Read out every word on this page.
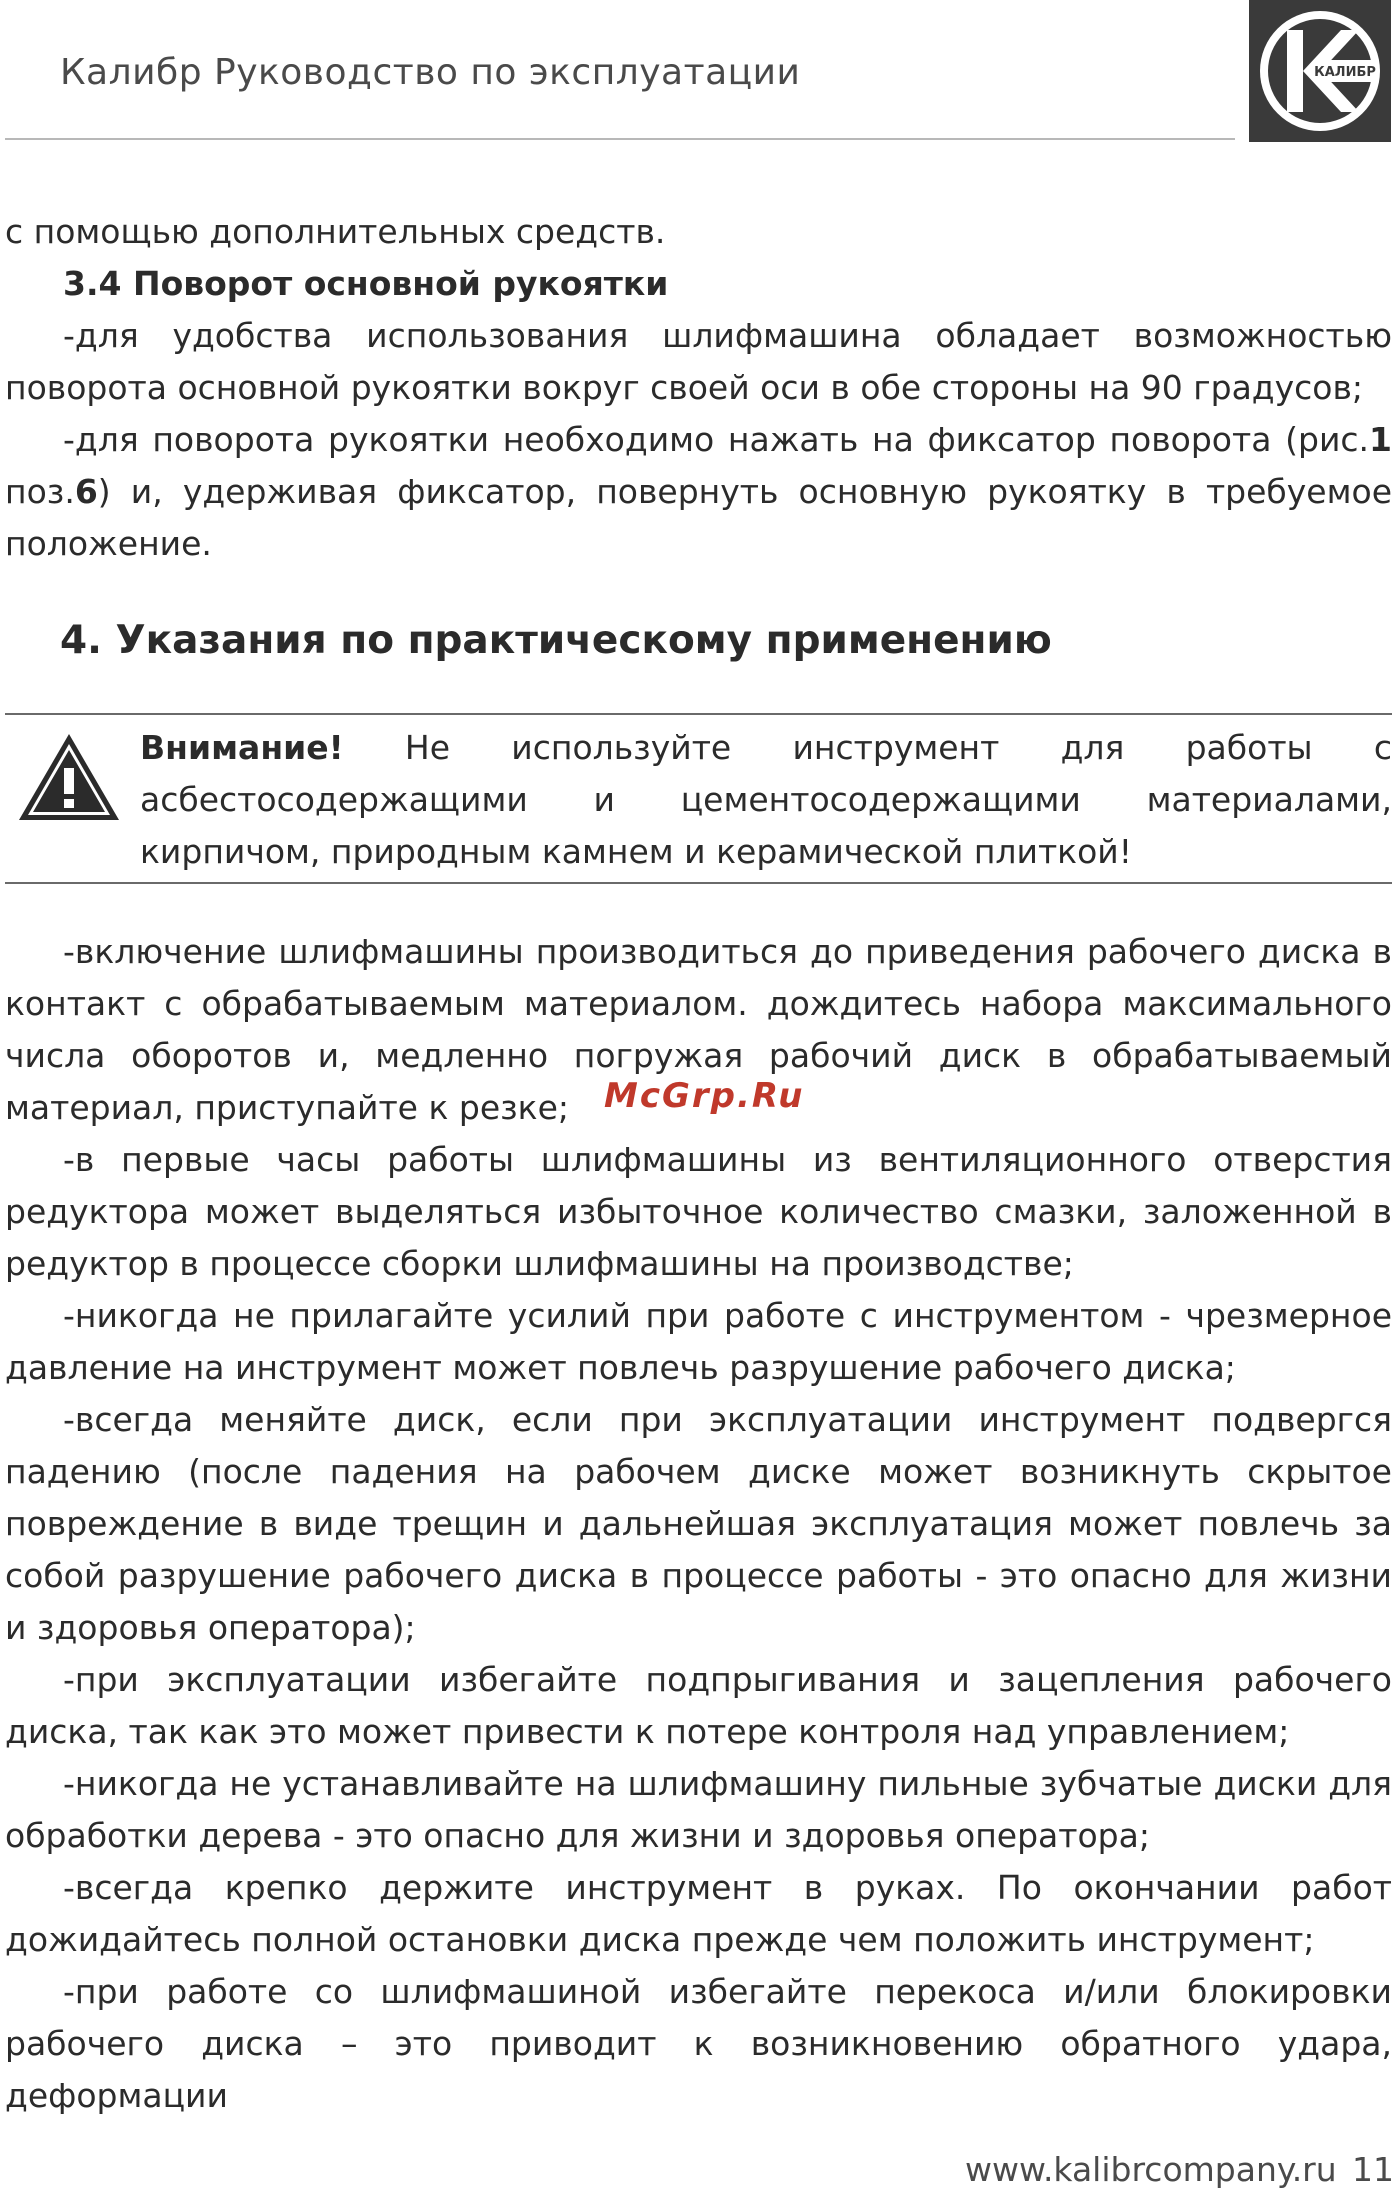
Калибр Руководство по эксплуатации	КАЛИБР

с помощью дополнительных средств.

3.4 Поворот основной рукоятки

-для удобства использования шлифмашина обладает возможностью поворота основной рукоятки вокруг своей оси в обе стороны на 90 градусов;

-для поворота рукоятки необходимо нажать на фиксатор поворота (рис.1 поз.6) и, удерживая фиксатор, повернуть основную рукоятку в требуемое положение.

4. Указания по практическому применению

Внимание! Не используйте инструмент для работы с асбестосодержащими и цементосодержащими материалами, кирпичом, природным камнем и керамической плиткой!

-включение шлифмашины производиться до приведения рабочего диска в контакт с обрабатываемым материалом. дождитесь набора максимального числа оборотов и, медленно погружая рабочий диск в обрабатываемый материал, приступайте к резке;

-в первые часы работы шлифмашины из вентиляционного отверстия редуктора может выделяться избыточное количество смазки, заложенной в редуктор в процессе сборки шлифмашины на производстве;

-никогда не прилагайте усилий при работе с инструментом - чрезмерное давление на инструмент может повлечь разрушение рабочего диска;

-всегда меняйте диск, если при эксплуатации инструмент подвергся падению (после падения на рабочем диске может возникнуть скрытое повреждение в виде трещин и дальнейшая эксплуатация может повлечь за собой разрушение рабочего диска в процессе работы - это опасно для жизни и здоровья оператора);

-при эксплуатации избегайте подпрыгивания и зацепления рабочего диска, так как это может привести к потере контроля над управлением;

-никогда не устанавливайте на шлифмашину пильные зубчатые диски для обработки дерева - это опасно для жизни и здоровья оператора;

-всегда крепко держите инструмент в руках. По окончании работ дожидайтесь полной остановки диска прежде чем положить инструмент;

-при работе со шлифмашиной избегайте перекоса и/или блокировки рабочего диска – это приводит к возникновению обратного удара, деформации

McGrp.Ru
www.kalibrcompany.ru 11
